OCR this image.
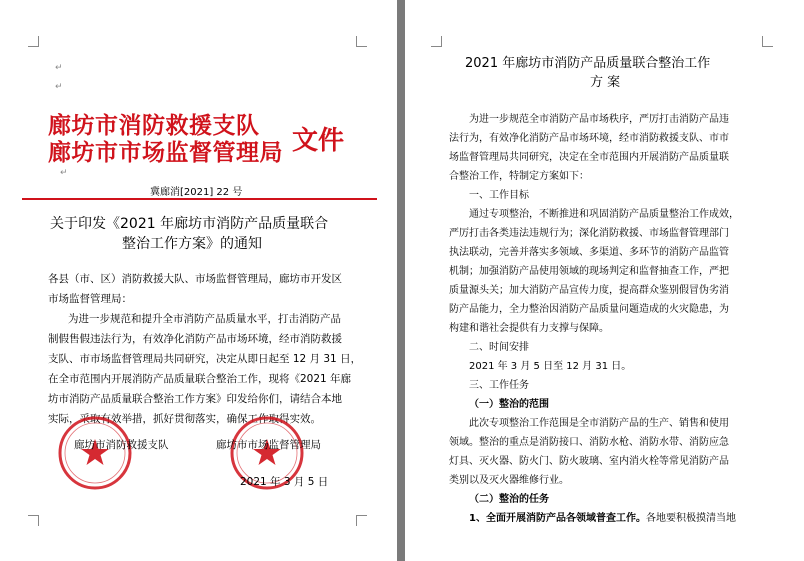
↵
↵
廊坊市消防救援支队
廊坊市市场监督管理局 文件
↵
冀廊消[2021] 22 号
关于印发《2021 年廊坊市消防产品质量联合
整治工作方案》的通知
各县（市、区）消防救援大队、市场监督管理局，廊坊市开发区
市场监督管理局：
为进一步规范和提升全市消防产品质量水平，打击消防产品
制假售假违法行为，有效净化消防产品市场环境，经市消防救援
支队、市市场监督管理局共同研究，决定从即日起至 12 月 31 日，
在全市范围内开展消防产品质量联合整治工作，现将《2021 年廊
坊市消防产品质量联合整治工作方案》印发给你们，请结合本地
实际，采取有效举措，抓好贯彻落实，确保工作取得实效。
廊坊市消防救援支队	廊坊市市场监督管理局
2021 年 3 月 5 日
2021 年廊坊市消防产品质量联合整治工作
方 案
为进一步规范全市消防产品市场秩序，严厉打击消防产品违
法行为，有效净化消防产品市场环境，经市消防救援支队、市市
场监督管理局共同研究，决定在全市范围内开展消防产品质量联
合整治工作，特制定方案如下：
一、工作目标
通过专项整治，不断推进和巩固消防产品质量整治工作成效，
严厉打击各类违法违规行为；深化消防救援、市场监督管理部门
执法联动，完善并落实多领域、多渠道、多环节的消防产品监管
机制；加强消防产品使用领域的现场判定和监督抽查工作，严把
质量源头关；加大消防产品宣传力度，提高群众鉴别假冒伪劣消
防产品能力，全力整治因消防产品质量问题造成的火灾隐患，为
构建和谐社会提供有力支撑与保障。
二、时间安排
2021 年 3 月 5 日至 12 月 31 日。
三、工作任务
（一）整治的范围
此次专项整治工作范围是全市消防产品的生产、销售和使用
领域。整治的重点是消防接口、消防水枪、消防水带、消防应急
灯具、灭火器、防火门、防火玻璃、室内消火栓等常见消防产品
类别以及灭火器维修行业。
（二）整治的任务
1、全面开展消防产品各领域普查工作。各地要积极摸清当地
